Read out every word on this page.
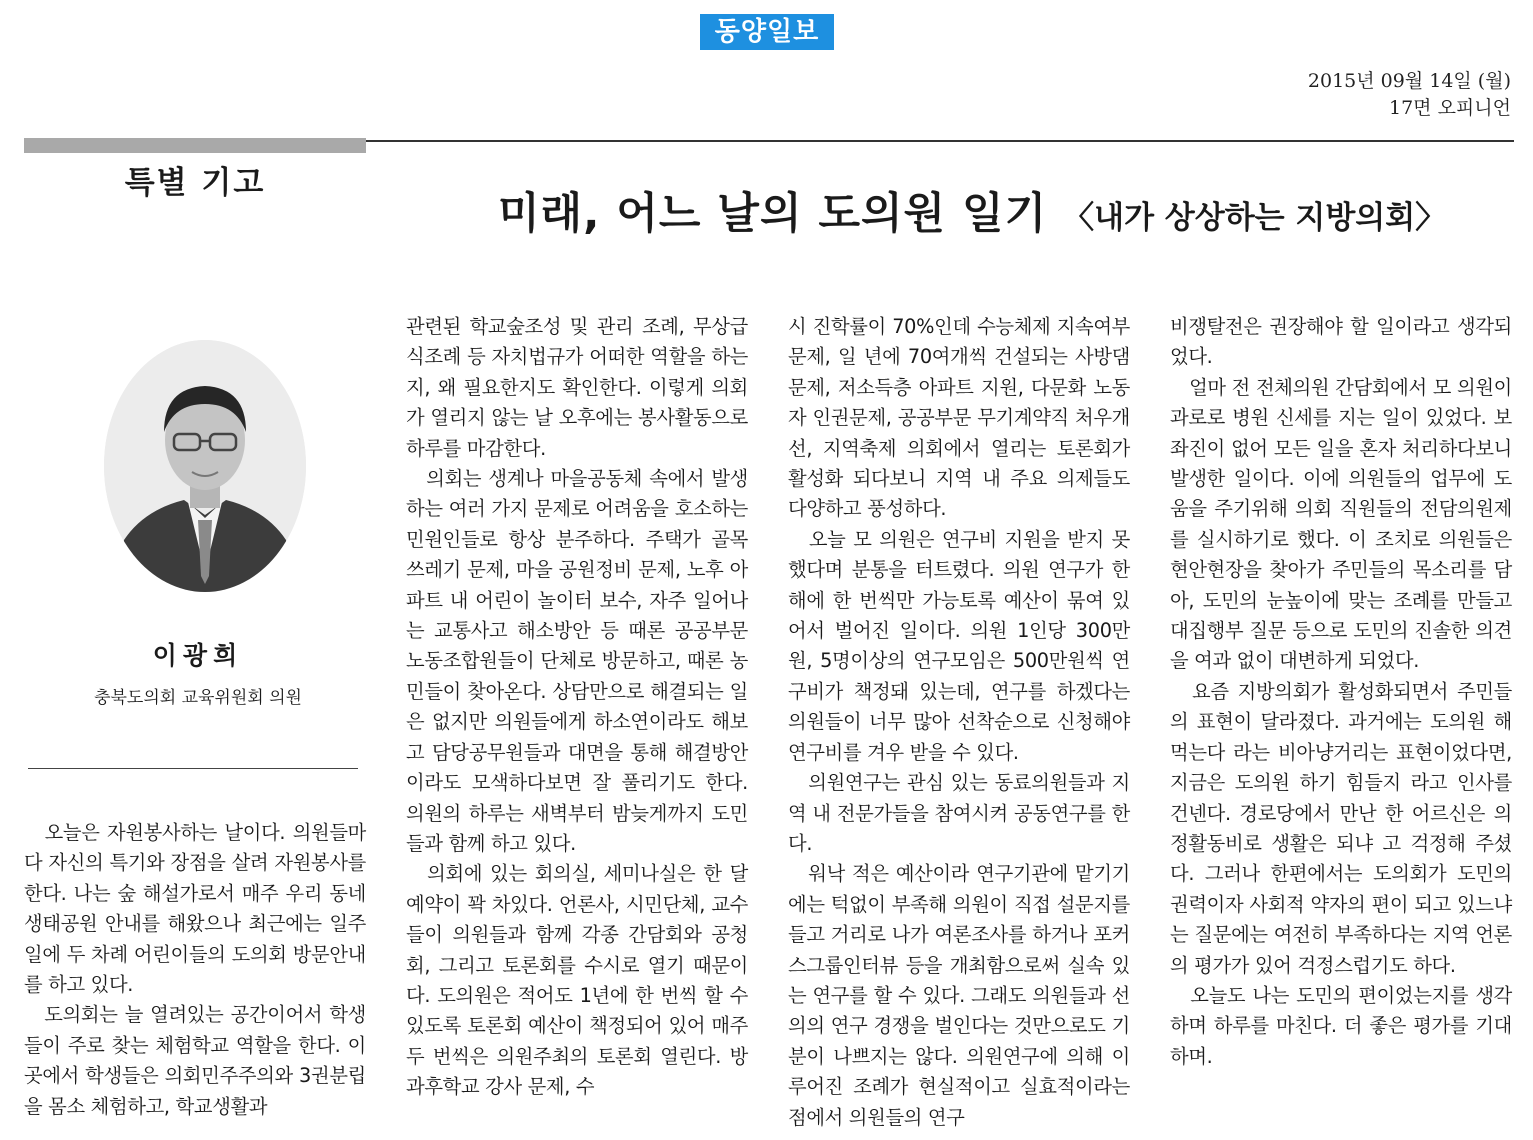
동양일보
2015년 09월 14일 (월)
17면 오피니언
특별 기고
미래, 어느 날의 도의원 일기 〈내가 상상하는 지방의회〉
이광희
충북도의회 교육위원회 의원

　오늘은 자원봉사하는 날이다. 의원들마다 자신의 특기와 장점을 살려 자원봉사를 한다. 나는 숲 해설가로서 매주 우리 동네 생태공원 안내를 해왔으나 최근에는 일주일에 두 차례 어린이들의 도의회 방문안내를 하고 있다.

　도의회는 늘 열려있는 공간이어서 학생들이 주로 찾는 체험학교 역할을 한다. 이곳에서 학생들은 의회민주주의와 3권분립을 몸소 체험하고, 학교생활과

관련된 학교숲조성 및 관리 조례, 무상급식조례 등 자치법규가 어떠한 역할을 하는지, 왜 필요한지도 확인한다. 이렇게 의회가 열리지 않는 날 오후에는 봉사활동으로 하루를 마감한다.

　의회는 생계나 마을공동체 속에서 발생하는 여러 가지 문제로 어려움을 호소하는 민원인들로 항상 분주하다. 주택가 골목 쓰레기 문제, 마을 공원정비 문제, 노후 아파트 내 어린이 놀이터 보수, 자주 일어나는 교통사고 해소방안 등 때론 공공부문 노동조합원들이 단체로 방문하고, 때론 농민들이 찾아온다. 상담만으로 해결되는 일은 없지만 의원들에게 하소연이라도 해보고 담당공무원들과 대면을 통해 해결방안이라도 모색하다보면 잘 풀리기도 한다. 의원의 하루는 새벽부터 밤늦게까지 도민들과 함께 하고 있다.

　의회에 있는 회의실, 세미나실은 한 달 예약이 꽉 차있다. 언론사, 시민단체, 교수들이 의원들과 함께 각종 간담회와 공청회, 그리고 토론회를 수시로 열기 때문이다. 도의원은 적어도 1년에 한 번씩 할 수 있도록 토론회 예산이 책정되어 있어 매주 두 번씩은 의원주최의 토론회 열린다. 방과후학교 강사 문제, 수

시 진학률이 70%인데 수능체제 지속여부 문제, 일 년에 70여개씩 건설되는 사방댐 문제, 저소득층 아파트 지원, 다문화 노동자 인권문제, 공공부문 무기계약직 처우개선, 지역축제 의회에서 열리는 토론회가 활성화 되다보니 지역 내 주요 의제들도 다양하고 풍성하다.

　오늘 모 의원은 연구비 지원을 받지 못했다며 분통을 터트렸다. 의원 연구가 한해에 한 번씩만 가능토록 예산이 묶여 있어서 벌어진 일이다. 의원 1인당 300만원, 5명이상의 연구모임은 500만원씩 연구비가 책정돼 있는데, 연구를 하겠다는 의원들이 너무 많아 선착순으로 신청해야 연구비를 겨우 받을 수 있다.

　의원연구는 관심 있는 동료의원들과 지역 내 전문가들을 참여시켜 공동연구를 한다.

　워낙 적은 예산이라 연구기관에 맡기기에는 턱없이 부족해 의원이 직접 설문지를 들고 거리로 나가 여론조사를 하거나 포커스그룹인터뷰 등을 개최함으로써 실속 있는 연구를 할 수 있다. 그래도 의원들과 선의의 연구 경쟁을 벌인다는 것만으로도 기분이 나쁘지는 않다. 의원연구에 의해 이루어진 조례가 현실적이고 실효적이라는 점에서 의원들의 연구

비쟁탈전은 권장해야 할 일이라고 생각되었다.

　얼마 전 전체의원 간담회에서 모 의원이 과로로 병원 신세를 지는 일이 있었다. 보좌진이 없어 모든 일을 혼자 처리하다보니 발생한 일이다. 이에 의원들의 업무에 도움을 주기위해 의회 직원들의 전담의원제를 실시하기로 했다. 이 조치로 의원들은 현안현장을 찾아가 주민들의 목소리를 담아, 도민의 눈높이에 맞는 조례를 만들고 대집행부 질문 등으로 도민의 진솔한 의견을 여과 없이 대변하게 되었다.

　요즘 지방의회가 활성화되면서 주민들의 표현이 달라졌다. 과거에는 도의원 해 먹는다 라는 비아냥거리는 표현이었다면, 지금은 도의원 하기 힘들지 라고 인사를 건넨다. 경로당에서 만난 한 어르신은 의정활동비로 생활은 되냐 고 걱정해 주셨다. 그러나 한편에서는 도의회가 도민의 권력이자 사회적 약자의 편이 되고 있느냐는 질문에는 여전히 부족하다는 지역 언론의 평가가 있어 걱정스럽기도 하다.

　오늘도 나는 도민의 편이었는지를 생각하며 하루를 마친다. 더 좋은 평가를 기대하며.
